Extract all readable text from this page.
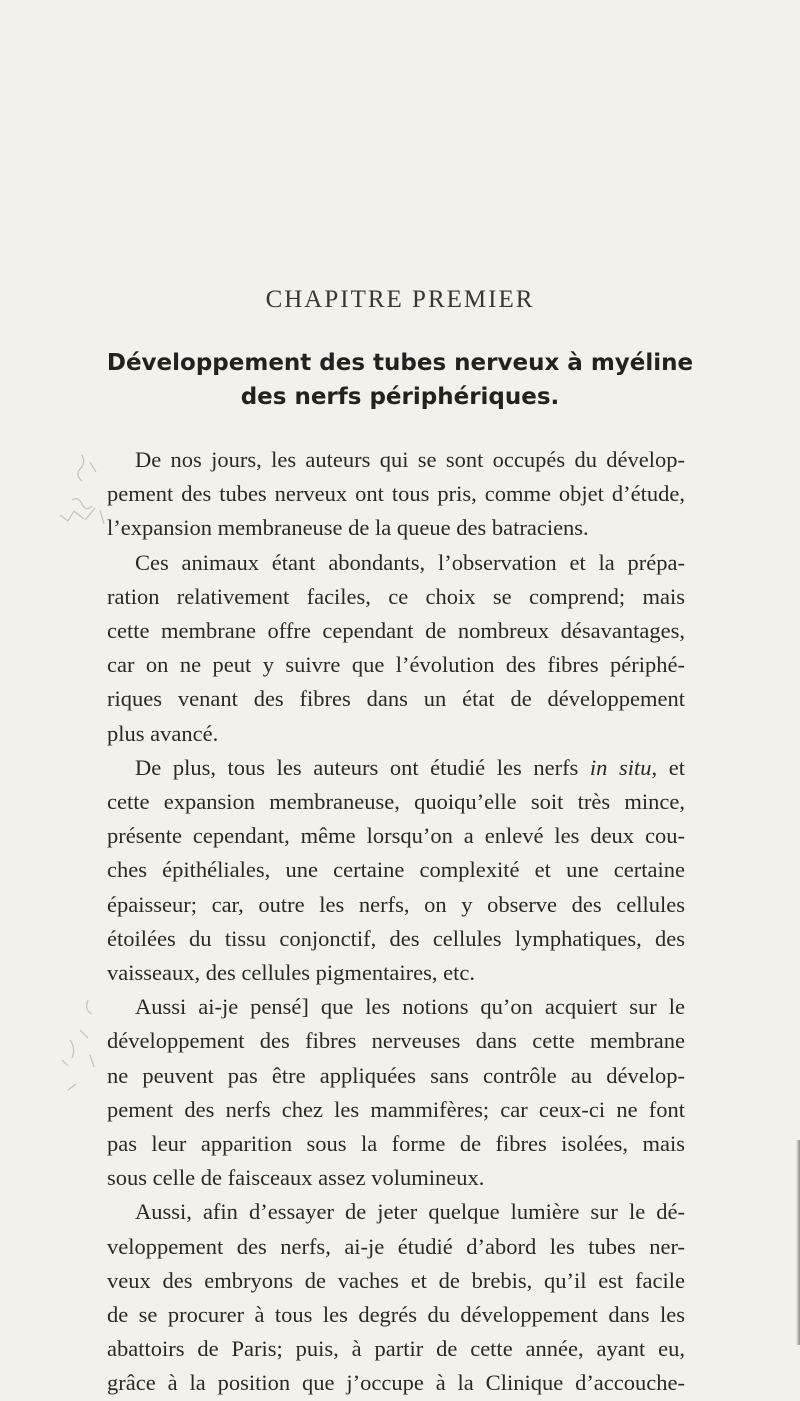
CHAPITRE PREMIER
Développement des tubes nerveux à myéline
des nerfs périphériques.
De nos jours, les auteurs qui se sont occupés du dévelop-
pement des tubes nerveux ont tous pris, comme objet d’étude,
l’expansion membraneuse de la queue des batraciens.
Ces animaux étant abondants, l’observation et la prépa-
ration relativement faciles, ce choix se comprend; mais
cette membrane offre cependant de nombreux désavantages,
car on ne peut y suivre que l’évolution des fibres périphé-
riques venant des fibres dans un état de développement
plus avancé.
De plus, tous les auteurs ont étudié les nerfs in situ, et
cette expansion membraneuse, quoiqu’elle soit très mince,
présente cependant, même lorsqu’on a enlevé les deux cou-
ches épithéliales, une certaine complexité et une certaine
épaisseur; car, outre les nerfs, on y observe des cellules
étoilées du tissu conjonctif, des cellules lymphatiques, des
vaisseaux, des cellules pigmentaires, etc.
Aussi ai-je pensé] que les notions qu’on acquiert sur le
développement des fibres nerveuses dans cette membrane
ne peuvent pas être appliquées sans contrôle au dévelop-
pement des nerfs chez les mammifères; car ceux-ci ne font
pas leur apparition sous la forme de fibres isolées, mais
sous celle de faisceaux assez volumineux.
Aussi, afin d’essayer de jeter quelque lumière sur le dé-
veloppement des nerfs, ai-je étudié d’abord les tubes ner-
veux des embryons de vaches et de brebis, qu’il est facile
de se procurer à tous les degrés du développement dans les
abattoirs de Paris; puis, à partir de cette année, ayant eu,
grâce à la position que j’occupe à la Clinique d’accouche-
